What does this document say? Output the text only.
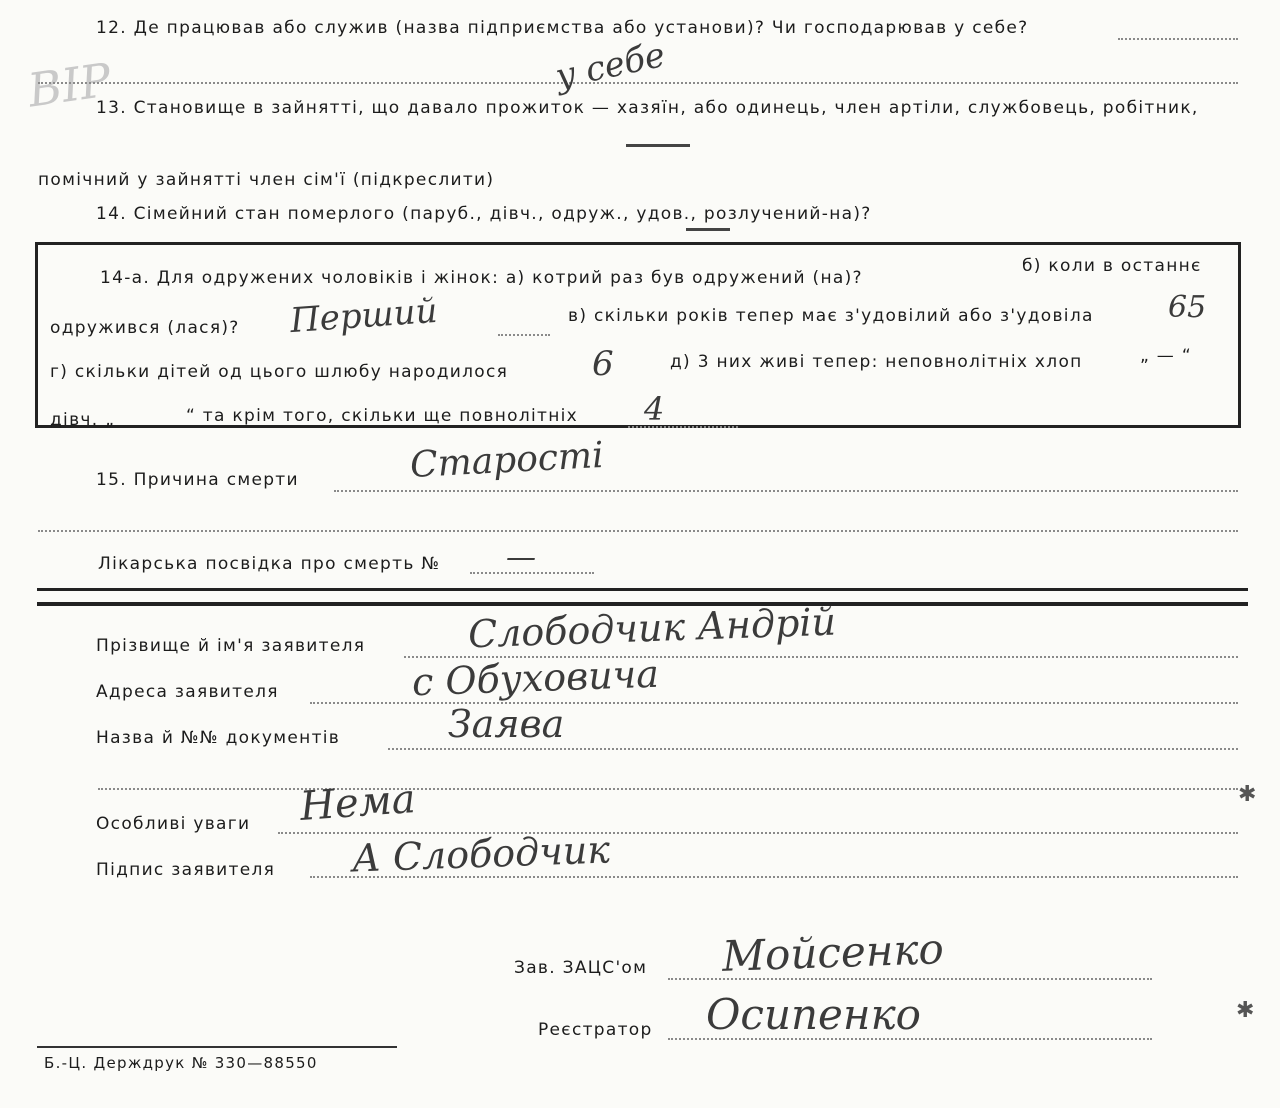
ВІР
12. Де працював або служив (назва підприємства або установи)? Чи господарював у себе?
у себе
13. Становище в зайнятті, що давало прожиток — хазяїн, або одинець, член артіли, службовець, робітник,
помічний у зайнятті член сім'ї (підкреслити)
14. Сімейний стан померлого (паруб., дівч., одруж., удов., розлучений-на)?
14-а. Для одружених чоловіків і жінок: а) котрий раз був одружений (на)?
б) коли в останнє
одружився (лася)? Перший	в) скільки років тепер має з'удовілий або з'удовіла 65
г) скільки дітей од цього шлюбу народилося 6	д) 3 них живі тепер: неповнолітніх хлоп	„ — “
дівч. „	“ та крім того, скільки ще повнолітніх 4
15. Причина смерти	Старості
Лікарська посвідка про смерть № —
Прізвище й ім'я заявителя	Слободчик Андрій
Адреса заявителя	с Обуховича
Назва й №№ документів	Заява
Особливі уваги Нема
Підпис заявителя А Слободчик
Зав. ЗАЦС'ом Мойсенко
Реєстратор Осипенко
Б.-Ц. Держдрук № 330—88550
✱
✱
